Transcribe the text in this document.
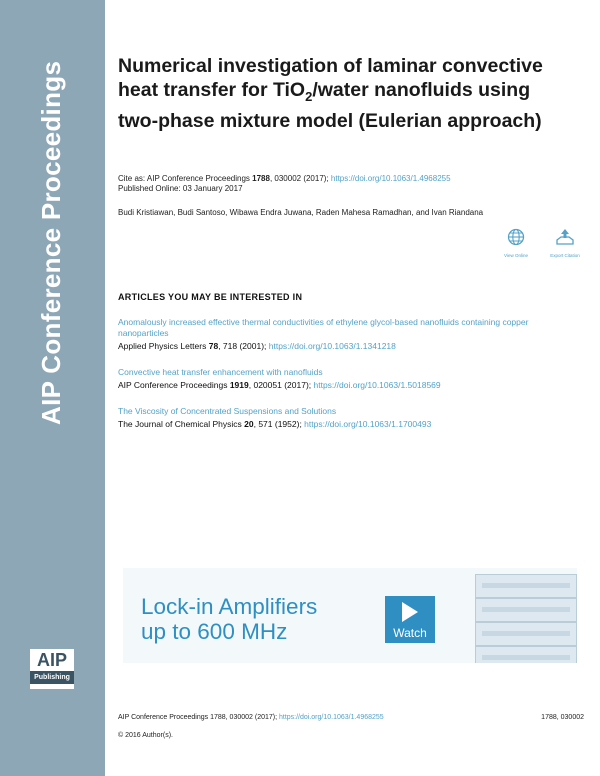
AIP Conference Proceedings
AIP
Publishing
Numerical investigation of laminar convective heat transfer for TiO$_2$/water nanofluids using two-phase mixture model (Eulerian approach)
Cite as: AIP Conference Proceedings 1788, 030002 (2017); https://doi.org/10.1063/1.4968255
Published Online: 03 January 2017
Budi Kristiawan, Budi Santoso, Wibawa Endra Juwana, Raden Mahesa Ramadhan, and Ivan Riandana
View Online	Export Citation
ARTICLES YOU MAY BE INTERESTED IN
Anomalously increased effective thermal conductivities of ethylene glycol-based nanofluids containing copper nanoparticles
Applied Physics Letters 78, 718 (2001); https://doi.org/10.1063/1.1341218
Convective heat transfer enhancement with nanofluids
AIP Conference Proceedings 1919, 020051 (2017); https://doi.org/10.1063/1.5018569
The Viscosity of Concentrated Suspensions and Solutions
The Journal of Chemical Physics 20, 571 (1952); https://doi.org/10.1063/1.1700493
Lock-in Amplifiers
up to 600 MHz	Watch
AIP Conference Proceedings 1788, 030002 (2017); https://doi.org/10.1063/1.4968255	1788, 030002
© 2016 Author(s).
